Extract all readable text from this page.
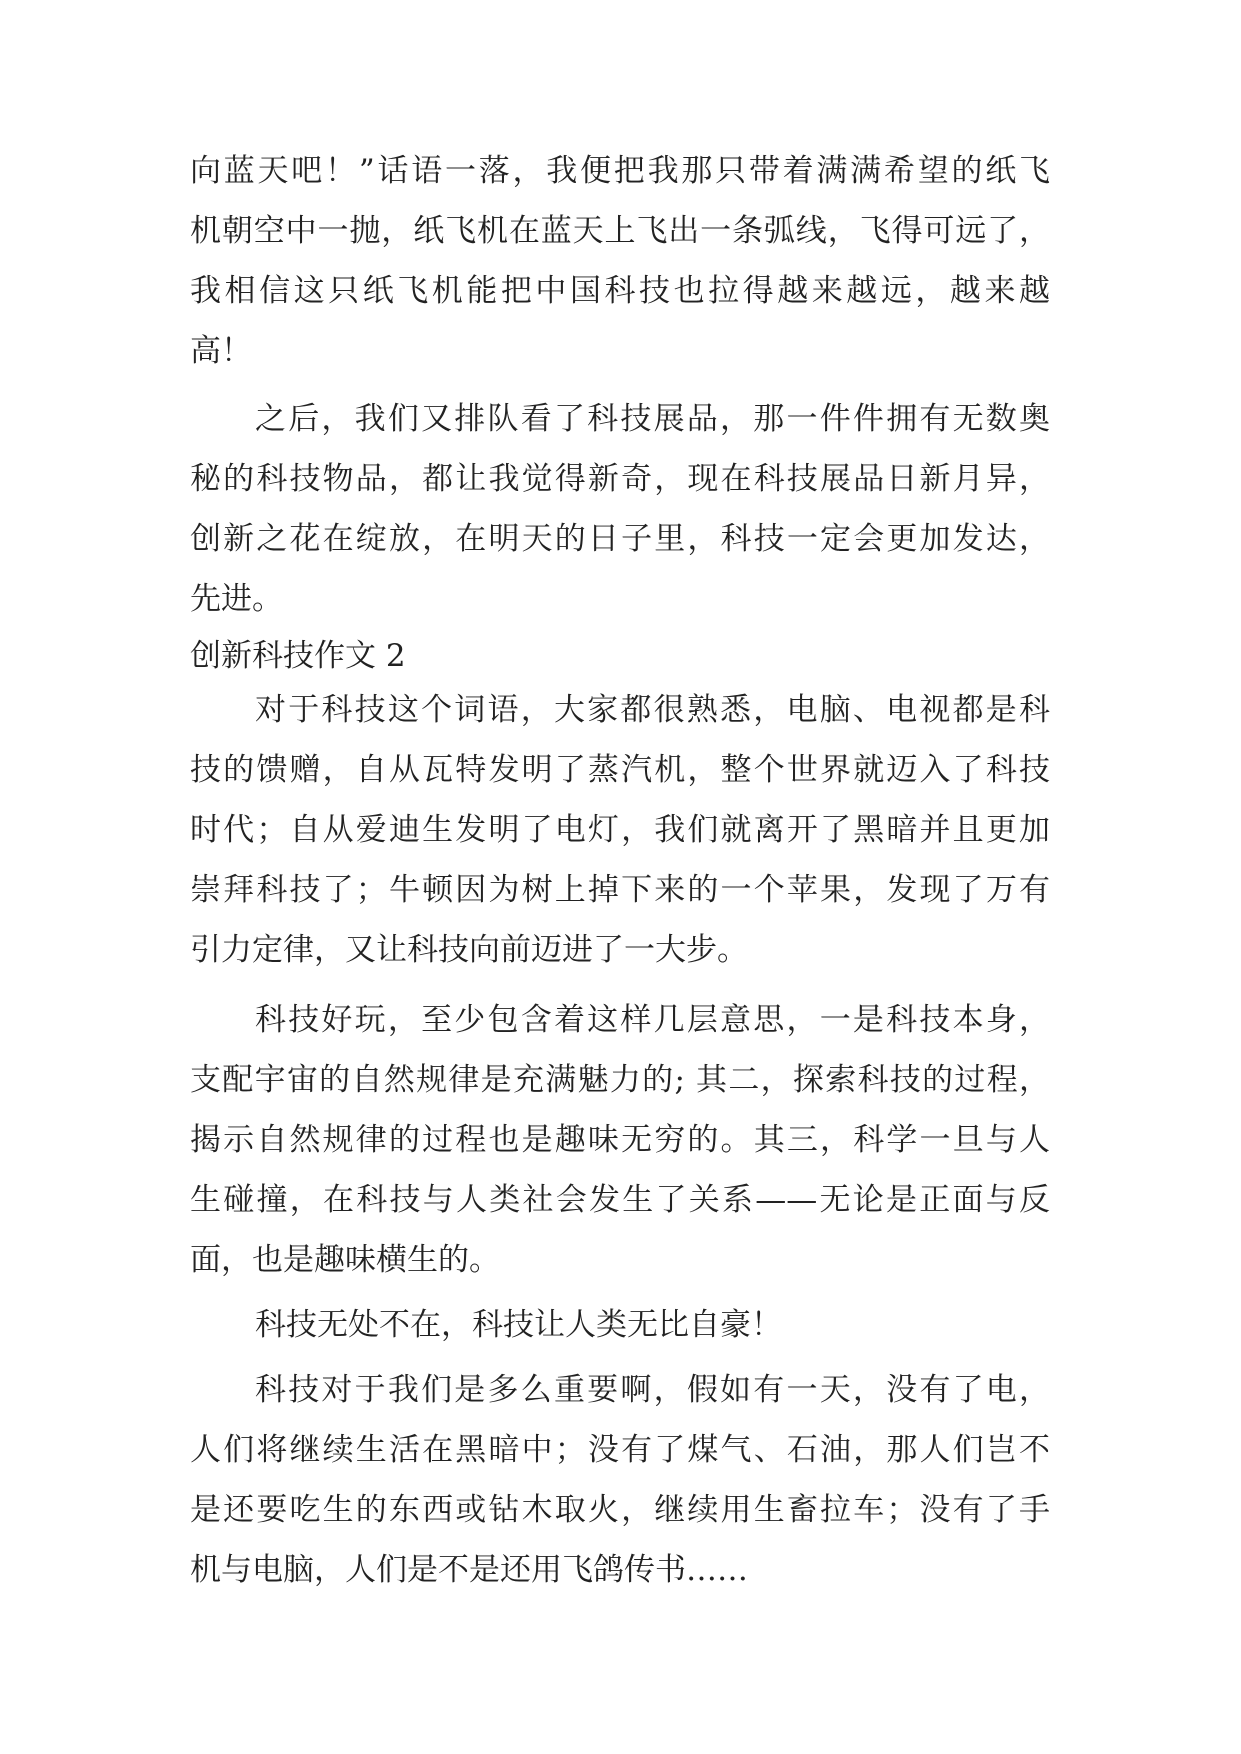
向蓝天吧！”话语一落，我便把我那只带着满满希望的纸飞
机朝空中一抛，纸飞机在蓝天上飞出一条弧线，飞得可远了，
我相信这只纸飞机能把中国科技也拉得越来越远，越来越
高！
之后，我们又排队看了科技展品，那一件件拥有无数奥
秘的科技物品，都让我觉得新奇，现在科技展品日新月异，
创新之花在绽放，在明天的日子里，科技一定会更加发达，
先进。
创新科技作文 2
对于科技这个词语，大家都很熟悉，电脑、电视都是科
技的馈赠，自从瓦特发明了蒸汽机，整个世界就迈入了科技
时代；自从爱迪生发明了电灯，我们就离开了黑暗并且更加
崇拜科技了；牛顿因为树上掉下来的一个苹果，发现了万有
引力定律，又让科技向前迈进了一大步。
科技好玩，至少包含着这样几层意思，一是科技本身，
支配宇宙的自然规律是充满魅力的; 其二，探索科技的过程，
揭示自然规律的过程也是趣味无穷的。其三，科学一旦与人
生碰撞，在科技与人类社会发生了关系——无论是正面与反
面，也是趣味横生的。
科技无处不在，科技让人类无比自豪！
科技对于我们是多么重要啊，假如有一天，没有了电，
人们将继续生活在黑暗中；没有了煤气、石油，那人们岂不
是还要吃生的东西或钻木取火，继续用生畜拉车；没有了手
机与电脑，人们是不是还用飞鸽传书……
